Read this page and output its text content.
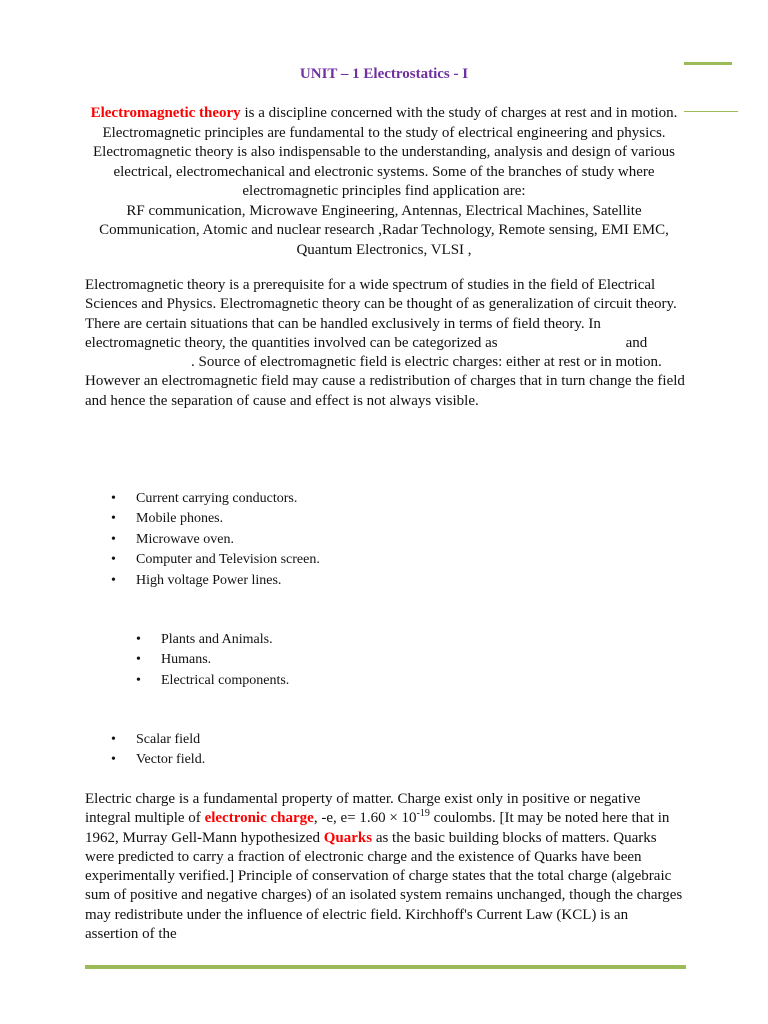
UNIT – 1 Electrostatics - I

Electromagnetic theory is a discipline concerned with the study of charges at rest and in motion. Electromagnetic principles are fundamental to the study of electrical engineering and physics. Electromagnetic theory is also indispensable to the understanding, analysis and design of various electrical, electromechanical and electronic systems. Some of the branches of study where electromagnetic principles find application are:

RF communication, Microwave Engineering, Antennas, Electrical Machines, Satellite Communication, Atomic and nuclear research ,Radar Technology, Remote sensing, EMI EMC, Quantum Electronics, VLSI ,

Electromagnetic theory is a prerequisite for a wide spectrum of studies in the field of Electrical Sciences and Physics. Electromagnetic theory can be thought of as generalization of circuit theory. There are certain situations that can be handled exclusively in terms of field theory. In electromagnetic theory, the quantities involved can be categorized as	and. Source of electromagnetic field is electric charges: either at rest or in motion. However an electromagnetic field may cause a redistribution of charges that in turn change the field and hence the separation of cause and effect is not always visible.
• Current carrying conductors.
• Mobile phones.
• Microwave oven.
• Computer and Television screen.
• High voltage Power lines.
• Plants and Animals.
• Humans.
• Electrical components.
• Scalar field
• Vector field.
Electric charge is a fundamental property of matter. Charge exist only in positive or negative integral multiple of electronic charge, -e, $e= 1.60 \times 10^{-19}$ coulombs. [It may be noted here that in 1962, Murray Gell-Mann hypothesized Quarks as the basic building blocks of matters. Quarks were predicted to carry a fraction of electronic charge and the existence of Quarks have been experimentally verified.] Principle of conservation of charge states that the total charge (algebraic sum of positive and negative charges) of an isolated system remains unchanged, though the charges may redistribute under the influence of electric field. Kirchhoff's Current Law (KCL) is an assertion of the
